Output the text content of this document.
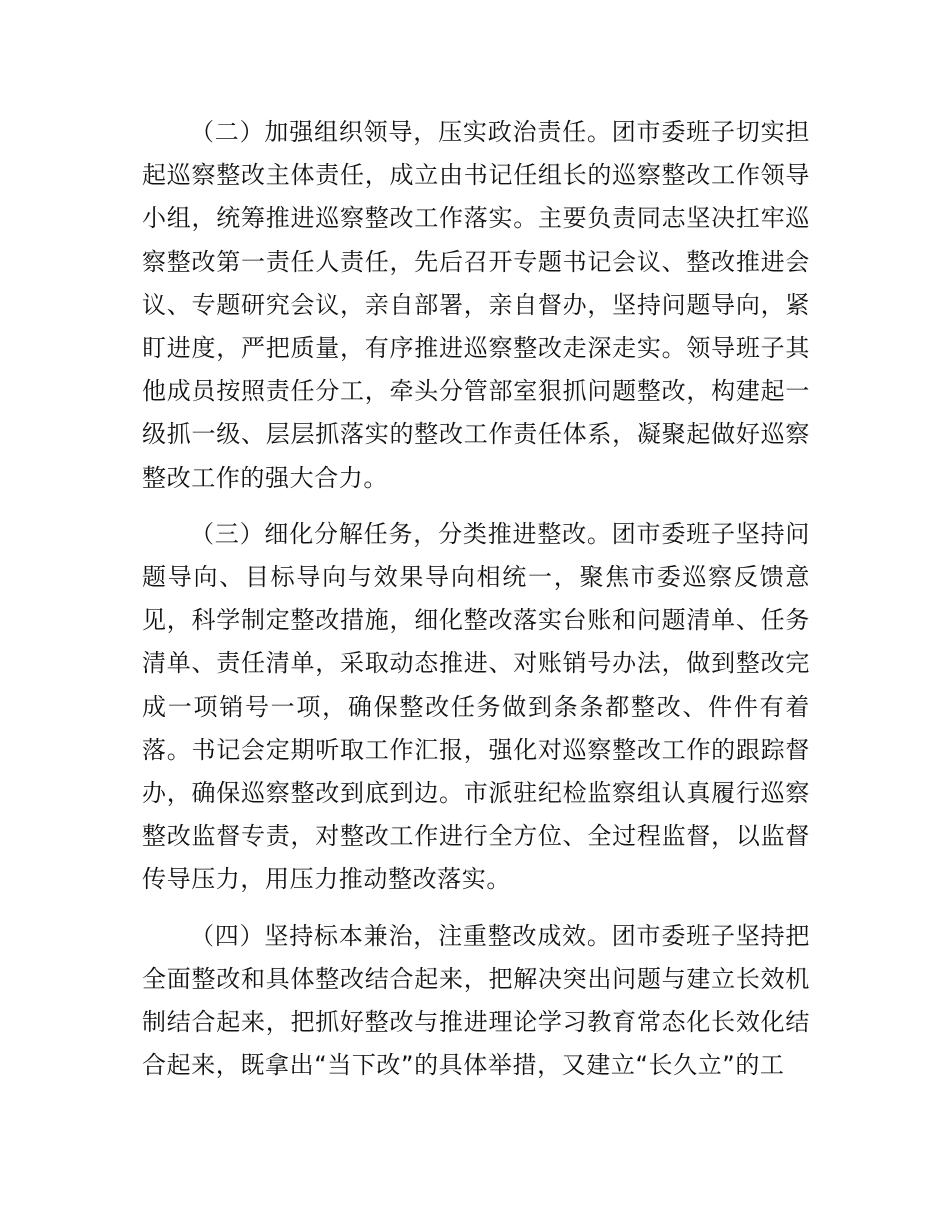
（二）加强组织领导，压实政治责任。团市委班子切实担起巡察整改主体责任，成立由书记任组长的巡察整改工作领导小组，统筹推进巡察整改工作落实。主要负责同志坚决扛牢巡察整改第一责任人责任，先后召开专题书记会议、整改推进会议、专题研究会议，亲自部署，亲自督办，坚持问题导向，紧盯进度，严把质量，有序推进巡察整改走深走实。领导班子其他成员按照责任分工，牵头分管部室狠抓问题整改，构建起一级抓一级、层层抓落实的整改工作责任体系，凝聚起做好巡察整改工作的强大合力。

（三）细化分解任务，分类推进整改。团市委班子坚持问题导向、目标导向与效果导向相统一，聚焦市委巡察反馈意见，科学制定整改措施，细化整改落实台账和问题清单、任务清单、责任清单，采取动态推进、对账销号办法，做到整改完成一项销号一项，确保整改任务做到条条都整改、件件有着落。书记会定期听取工作汇报，强化对巡察整改工作的跟踪督办，确保巡察整改到底到边。市派驻纪检监察组认真履行巡察整改监督专责，对整改工作进行全方位、全过程监督，以监督传导压力，用压力推动整改落实。

（四）坚持标本兼治，注重整改成效。团市委班子坚持把全面整改和具体整改结合起来，把解决突出问题与建立长效机制结合起来，把抓好整改与推进理论学习教育常态化长效化结合起来，既拿出“当下改”的具体举措，又建立“长久立”的工
